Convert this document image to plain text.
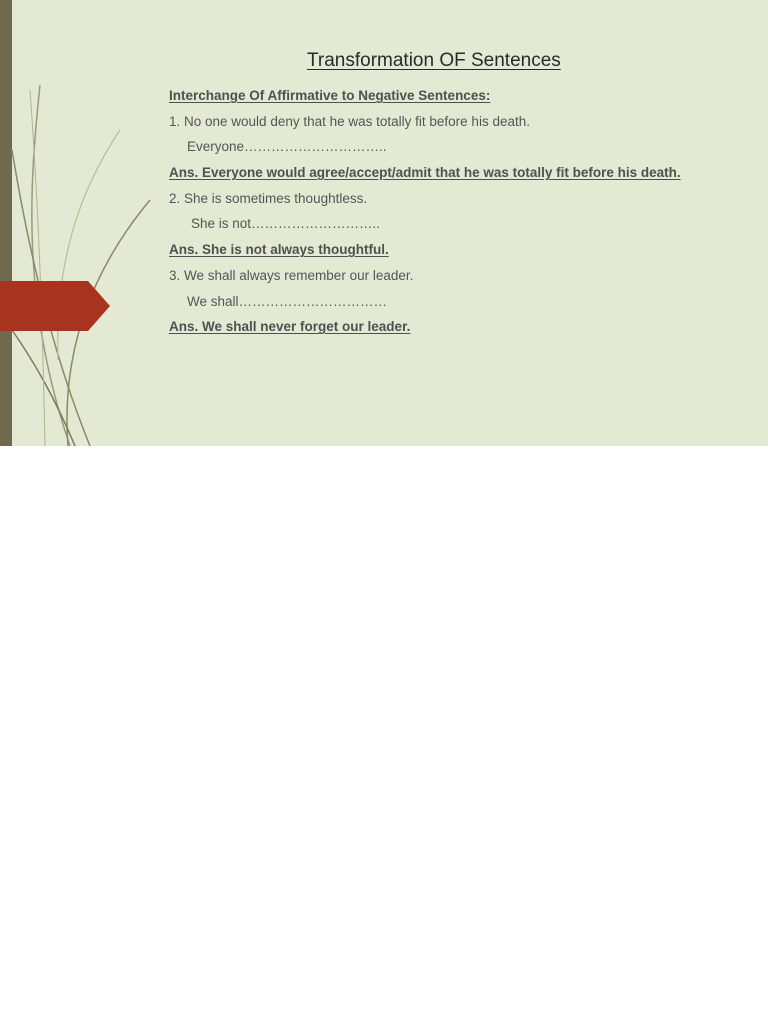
Transformation OF Sentences
Interchange Of Affirmative to Negative Sentences:
1. No one would deny that he was totally fit before his death.
Everyone…………………………..
Ans. Everyone would agree/accept/admit that he was totally fit before his death.
2. She is sometimes thoughtless.
She is not………………………..
Ans. She is not always thoughtful.
3. We shall always remember our leader.
We shall……………………………
Ans. We shall never forget our leader.
